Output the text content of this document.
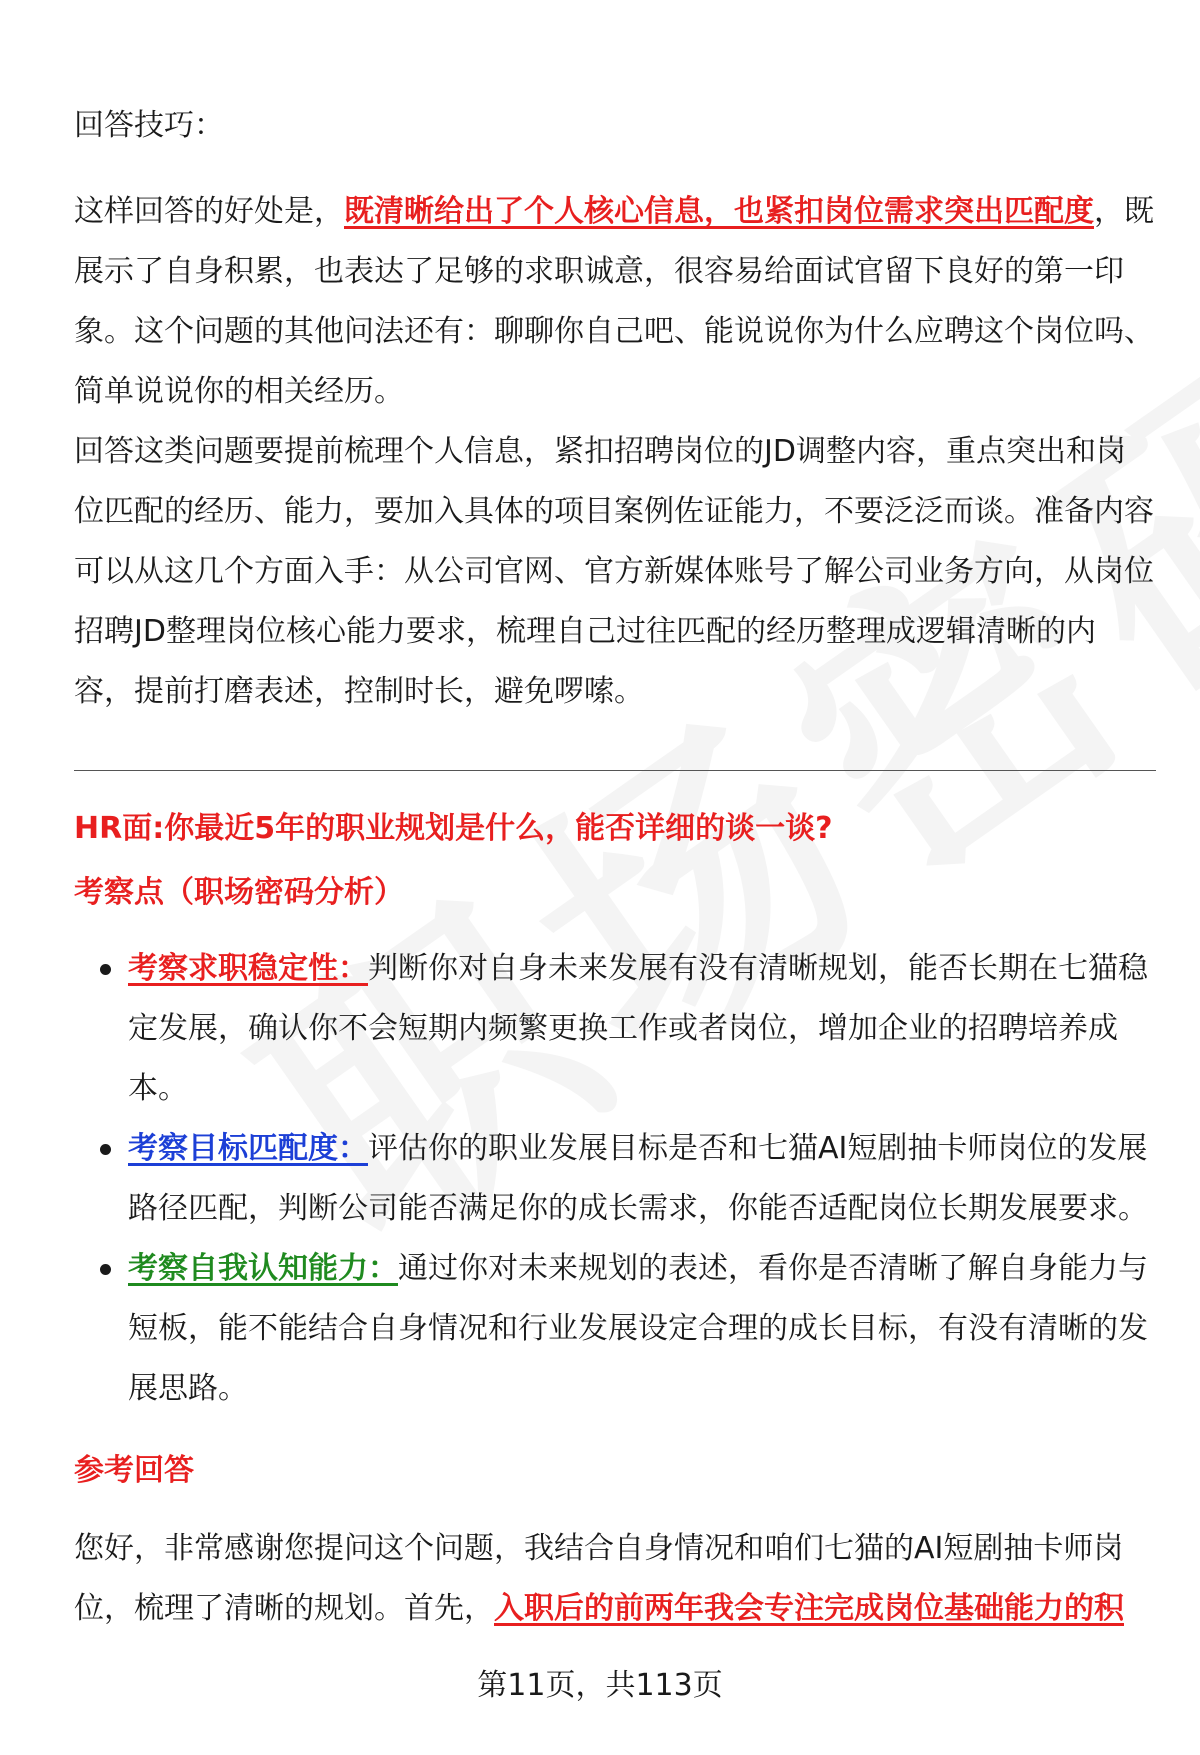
回答技巧：

这样回答的好处是，既清晰给出了个人核心信息，也紧扣岗位需求突出匹配度，既展示了自身积累，也表达了足够的求职诚意，很容易给面试官留下良好的第一印象。这个问题的其他问法还有：聊聊你自己吧、能说说你为什么应聘这个岗位吗、简单说说你的相关经历。

回答这类问题要提前梳理个人信息，紧扣招聘岗位的JD调整内容，重点突出和岗位匹配的经历、能力，要加入具体的项目案例佐证能力，不要泛泛而谈。准备内容可以从这几个方面入手：从公司官网、官方新媒体账号了解公司业务方向，从岗位招聘JD整理岗位核心能力要求，梳理自己过往匹配的经历整理成逻辑清晰的内容，提前打磨表述，控制时长，避免啰嗦。

HR面:你最近5年的职业规划是什么，能否详细的谈一谈?
考察点（职场密码分析）
考察求职稳定性：判断你对自身未来发展有没有清晰规划，能否长期在七猫稳定发展，确认你不会短期内频繁更换工作或者岗位，增加企业的招聘培养成本。
考察目标匹配度：评估你的职业发展目标是否和七猫AI短剧抽卡师岗位的发展路径匹配，判断公司能否满足你的成长需求，你能否适配岗位长期发展要求。
考察自我认知能力：通过你对未来规划的表述，看你是否清晰了解自身能力与短板，能不能结合自身情况和行业发展设定合理的成长目标，有没有清晰的发展思路。
参考回答

您好，非常感谢您提问这个问题，我结合自身情况和咱们七猫的AI短剧抽卡师岗位，梳理了清晰的规划。首先，入职后的前两年我会专注完成岗位基础能力的积

第11页，共113页
